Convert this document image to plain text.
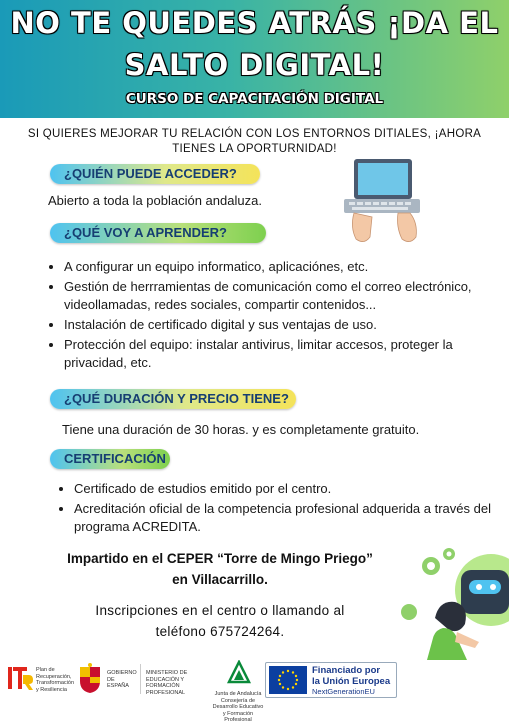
NO TE QUEDES ATRÁS ¡DA EL
SALTO DIGITAL!
CURSO DE CAPACITACIÓN DIGITAL
SI QUIERES MEJORAR TU RELACIÓN CON LOS ENTORNOS DITIALES, ¡AHORA TIENES LA OPORTURNIDAD!
¿QUIÉN PUEDE ACCEDER?
Abierto a toda la población andaluza.
¿QUÉ VOY A APRENDER?
• A configurar un equipo informatico, aplicaciónes, etc.
• Gestión de herrramientas de comunicación como el correo electrónico, videollamadas, redes sociales, compartir contenidos...
• Instalación de certificado digital y sus ventajas de uso.
• Protección del equipo: instalar antivirus, limitar accesos, proteger la privacidad, etc.
¿QUÉ DURACIÓN Y PRECIO TIENE?
Tiene una duración de 30 horas. y es completamente gratuito.
CERTIFICACIÓN
• Certificado de estudios emitido por el centro.
• Acreditación oficial de la competencia profesional adquerida a través del programa ACREDITA.
Impartido en el CEPER “Torre de Mingo Priego”
en Villacarrillo.
Inscripciones en el centro o llamando al
teléfono 675724264.
Plan de Recuperación, Transformación y Resiliencia
GOBIERNO DE ESPAÑA
MINISTERIO DE EDUCACIÓN Y FORMACIÓN PROFESIONAL	Junta de Andalucía Consejería de Desarrollo Educativo y Formación Profesional
Financiado por
la Unión Europea
NextGenerationEU
